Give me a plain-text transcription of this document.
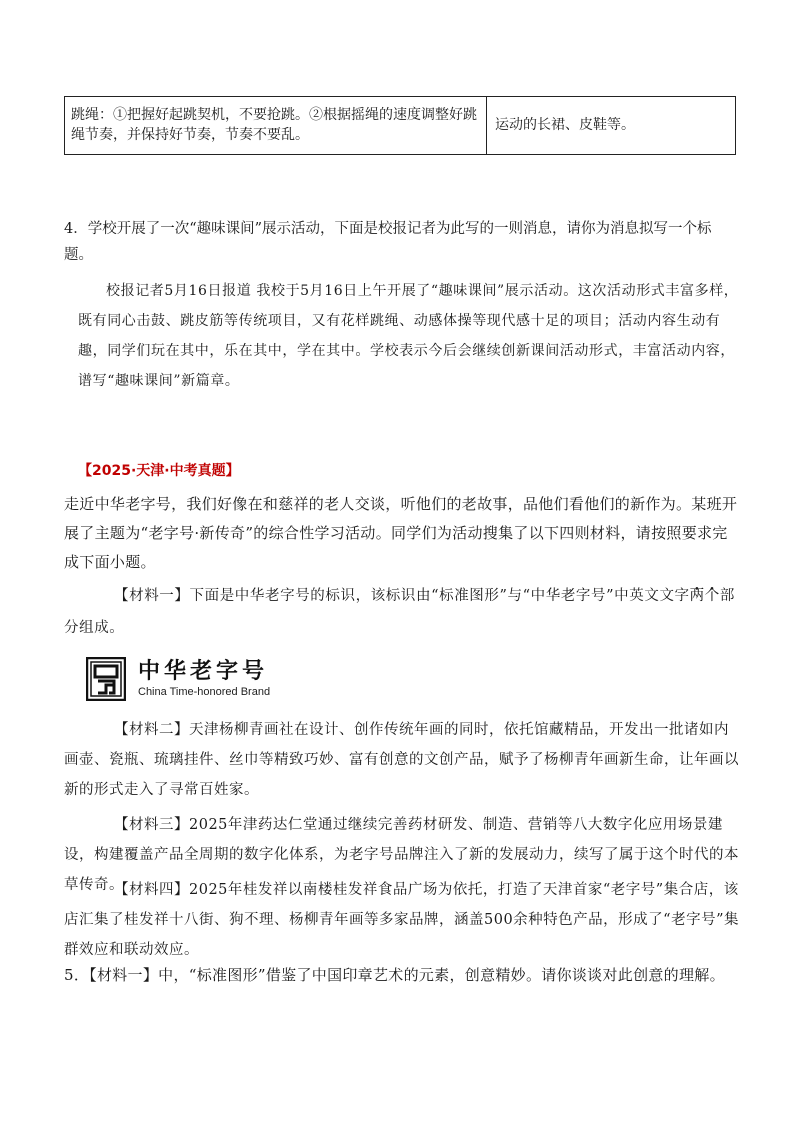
跳绳：①把握好起跳契机，不要抢跳。②根据摇绳的速度调整好跳绳节奏，并保持好节奏，节奏不要乱。
运动的长裙、皮鞋等。
4．学校开展了一次“趣味课间”展示活动，下面是校报记者为此写的一则消息，请你为消息拟写一个标题。
校报记者5月16日报道 我校于5月16日上午开展了“趣味课间”展示活动。这次活动形式丰富多样，既有同心击鼓、跳皮筋等传统项目，又有花样跳绳、动感体操等现代感十足的项目；活动内容生动有趣，同学们玩在其中，乐在其中，学在其中。学校表示今后会继续创新课间活动形式，丰富活动内容，谱写“趣味课间”新篇章。
【2025·天津·中考真题】
走近中华老字号，我们好像在和慈祥的老人交谈，听他们的老故事，品他们看他们的新作为。某班开展了主题为“老字号·新传奇”的综合性学习活动。同学们为活动搜集了以下四则材料，请按照要求完成下面小题。
【材料一】下面是中华老字号的标识，该标识由“标准图形”与“中华老字号”中英文文字两个部分组成。
中华老字号
China Time-honored Brand
【材料二】天津杨柳青画社在设计、创作传统年画的同时，依托馆藏精品，开发出一批诸如内画壶、瓷瓶、琉璃挂件、丝巾等精致巧妙、富有创意的文创产品，赋予了杨柳青年画新生命，让年画以新的形式走入了寻常百姓家。
【材料三】2025年津药达仁堂通过继续完善药材研发、制造、营销等八大数字化应用场景建设，构建覆盖产品全周期的数字化体系，为老字号品牌注入了新的发展动力，续写了属于这个时代的本草传奇。
【材料四】2025年桂发祥以南楼桂发祥食品广场为依托，打造了天津首家“老字号”集合店，该店汇集了桂发祥十八街、狗不理、杨柳青年画等多家品牌，涵盖500余种特色产品，形成了“老字号”集群效应和联动效应。
5．【材料一】中，“标准图形”借鉴了中国印章艺术的元素，创意精妙。请你谈谈对此创意的理解。
